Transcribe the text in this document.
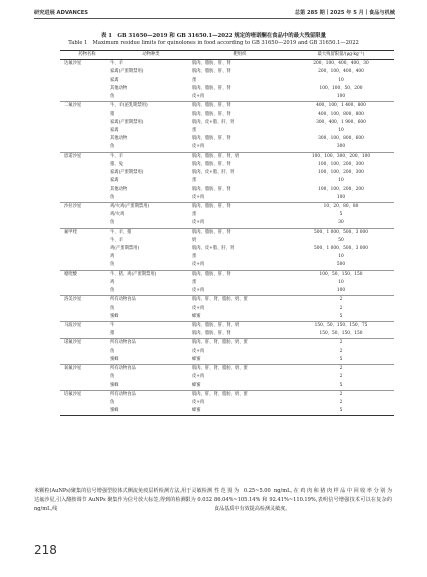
研究进展 ADVANCES	总第 285 期丨2025 年 5 月丨食品与机械
表 1　GB 31650—2019 和 GB 31650.1—2022 规定的喹诺酮在食品中的最大残留限量
Table 1　Maximum residue limits for quinolones in food according to GB 31650—2019 and GB 31650.1—2022
药物名称	动物种类	靶组织	最大残留限量/(μg·kg⁻¹)
达氟沙星	牛、羊	肌肉、脂肪、肝、肾	200、100、400、400、30
	家禽(产蛋期禁用)	肌肉、脂肪、肝、肾	200、100、400、400
	家禽	蛋	10
	其他动物	肌肉、脂肪、肝、肾	100、100、50、200
	鱼	皮+肉	100
二氟沙星	牛、羊(泌乳期禁用)	肌肉、脂肪、肝、肾	400、100、1 400、800
	猪	肌肉、脂肪、肝、肾	400、100、800、800
	家禽(产蛋期禁用)	肌肉、皮+脂、肝、肾	300、400、1 900、600
	家禽	蛋	10
	其他动物	肌肉、脂肪、肝、肾	300、100、800、600
	鱼	皮+肉	300
恩诺沙星	牛、羊	肌肉、脂肪、肝、肾、奶	100、100、300、200、100
	猪、兔	肌肉、脂肪、肝、肾	100、100、200、300
	家禽(产蛋期禁用)	肌肉、皮+脂、肝、肾	100、100、200、300
	家禽	蛋	10
	其他动物	肌肉、脂肪、肝、肾	100、100、200、200
	鱼	皮+肉	100
沙拉沙星	鸡/火鸡(产蛋期禁用)	肌肉、脂肪、肝、肾	10、20、80、80
	鸡/火鸡	蛋	5
	鱼	皮+肉	30
氟甲喹	牛、羊、猪	肌肉、脂肪、肝、肾	500、1 000、500、3 000
	牛、羊	奶	50
	鸡(产蛋期禁用)	肌肉、皮+脂、肝、肾	500、1 000、500、3 000
	鸡	蛋	10
	鱼	皮+肉	500
噁喹酸	牛、猪、鸡(产蛋期禁用)	肌肉、脂肪、肝、肾	100、50、150、150
	鸡	蛋	10
	鱼	皮+肉	100
洛美沙星	所有动物食品	肌肉、肝、肾、脂肪、奶、蛋	2
	鱼	皮+肉	2
	蜜蜂	蜂蜜	5
马波沙星	牛	肌肉、脂肪、肝、肾、奶	150、50、150、150、75
	猪	肌肉、脂肪、肝、肾	150、50、150、150
诺氟沙星	所有动物食品	肌肉、肝、肾、脂肪、奶、蛋	2
	鱼	皮+肉	2
	蜜蜂	蜂蜜	5
氧氟沙星	所有动物食品	肌肉、肝、肾、脂肪、奶、蛋	2
	鱼	皮+肉	2
	蜜蜂	蜂蜜	5
培氟沙星	所有动物食品	肌肉、肝、肾、脂肪、奶、蛋	2
	鱼	皮+肉	2
	蜜蜂	蜂蜜	5
米颗粒(AuNPs)聚集的信号增强型胶体式侧流免疫层析检测方法,用于灵敏检测达氟沙星,引入酪胺调节 AuNPs 聚集作为信号放大标签,得到的检测限为 0.032 ng/mL,线
性范围为 0.25~5.00 ng/mL,在鸡肉和猪肉样品中回收率分别为 86.04%~105.14% 和 92.41%~110.19%,表明信号增强技术可以在复杂的食品基质中有效提高检测灵敏度。
218
